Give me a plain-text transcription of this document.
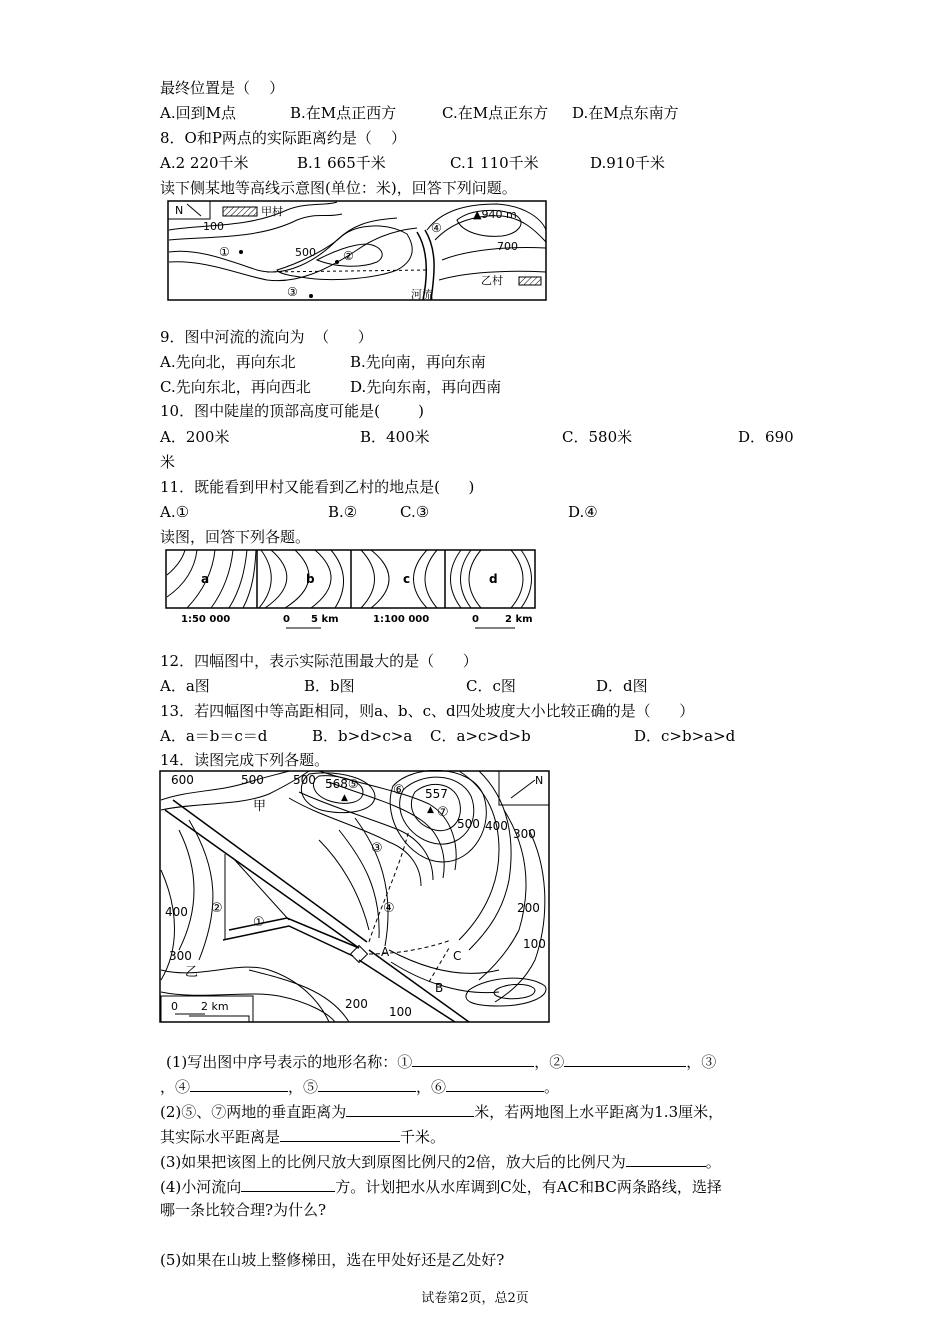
最终位置是（    ）
A.回到M点	B.在M点正西方	C.在M点正东方 D.在M点东南方
8．O和P两点的实际距离约是（    ）
A.2 220千米	B.1 665千米	C.1 110千米	D.910千米
读下侧某地等高线示意图(单位：米)，回答下列问题。
N	甲村	▲940 m
100
500	700
①	②
③
④
乙村
河流
9．图中河流的流向为  （      ）
A.先向北，再向东北	B.先向南，再向东南
C.先向东北，再向西北	D.先向东南，再向西南
10．图中陡崖的顶部高度可能是(        )
A．200米	B．400米	C．580米	D．690
米
11．既能看到甲村又能看到乙村的地点是(      )
A.①	B.②	C.③	D.④
读图，回答下列各题。
a	b	c	d
1:50 000	0 5 km	1:100 000	0	2 km
12．四幅图中，表示实际范围最大的是（      ）
A．a图	B．b图	C．c图	D．d图
13．若四幅图中等高距相同，则a、b、c、d四处坡度大小比较正确的是（      ）
A．a＝b＝c＝d	B．b>d>c>a C．a>c>d>b	D．c>b>a>d
14．读图完成下列各题。
N
0 2 km
600	500 500 568⑤
▲	⑥ 557
▲ ⑦
500 400
300
甲
③
④
②
①
400
300
乙
200
100
A	C
B
200
100
(1)写出图中序号表示的地形名称：①	，②	，③
，④	，⑤	，⑥	。
(2)⑤、⑦两地的垂直距离为	米，若两地图上水平距离为1.3厘米，
其实际水平距离是	千米。
(3)如果把该图上的比例尺放大到原图比例尺的2倍，放大后的比例尺为	。
(4)小河流向	方。计划把水从水库调到C处，有AC和BC两条路线，选择
哪一条比较合理?为什么?
(5)如果在山坡上整修梯田，选在甲处好还是乙处好?
试卷第2页，总2页
